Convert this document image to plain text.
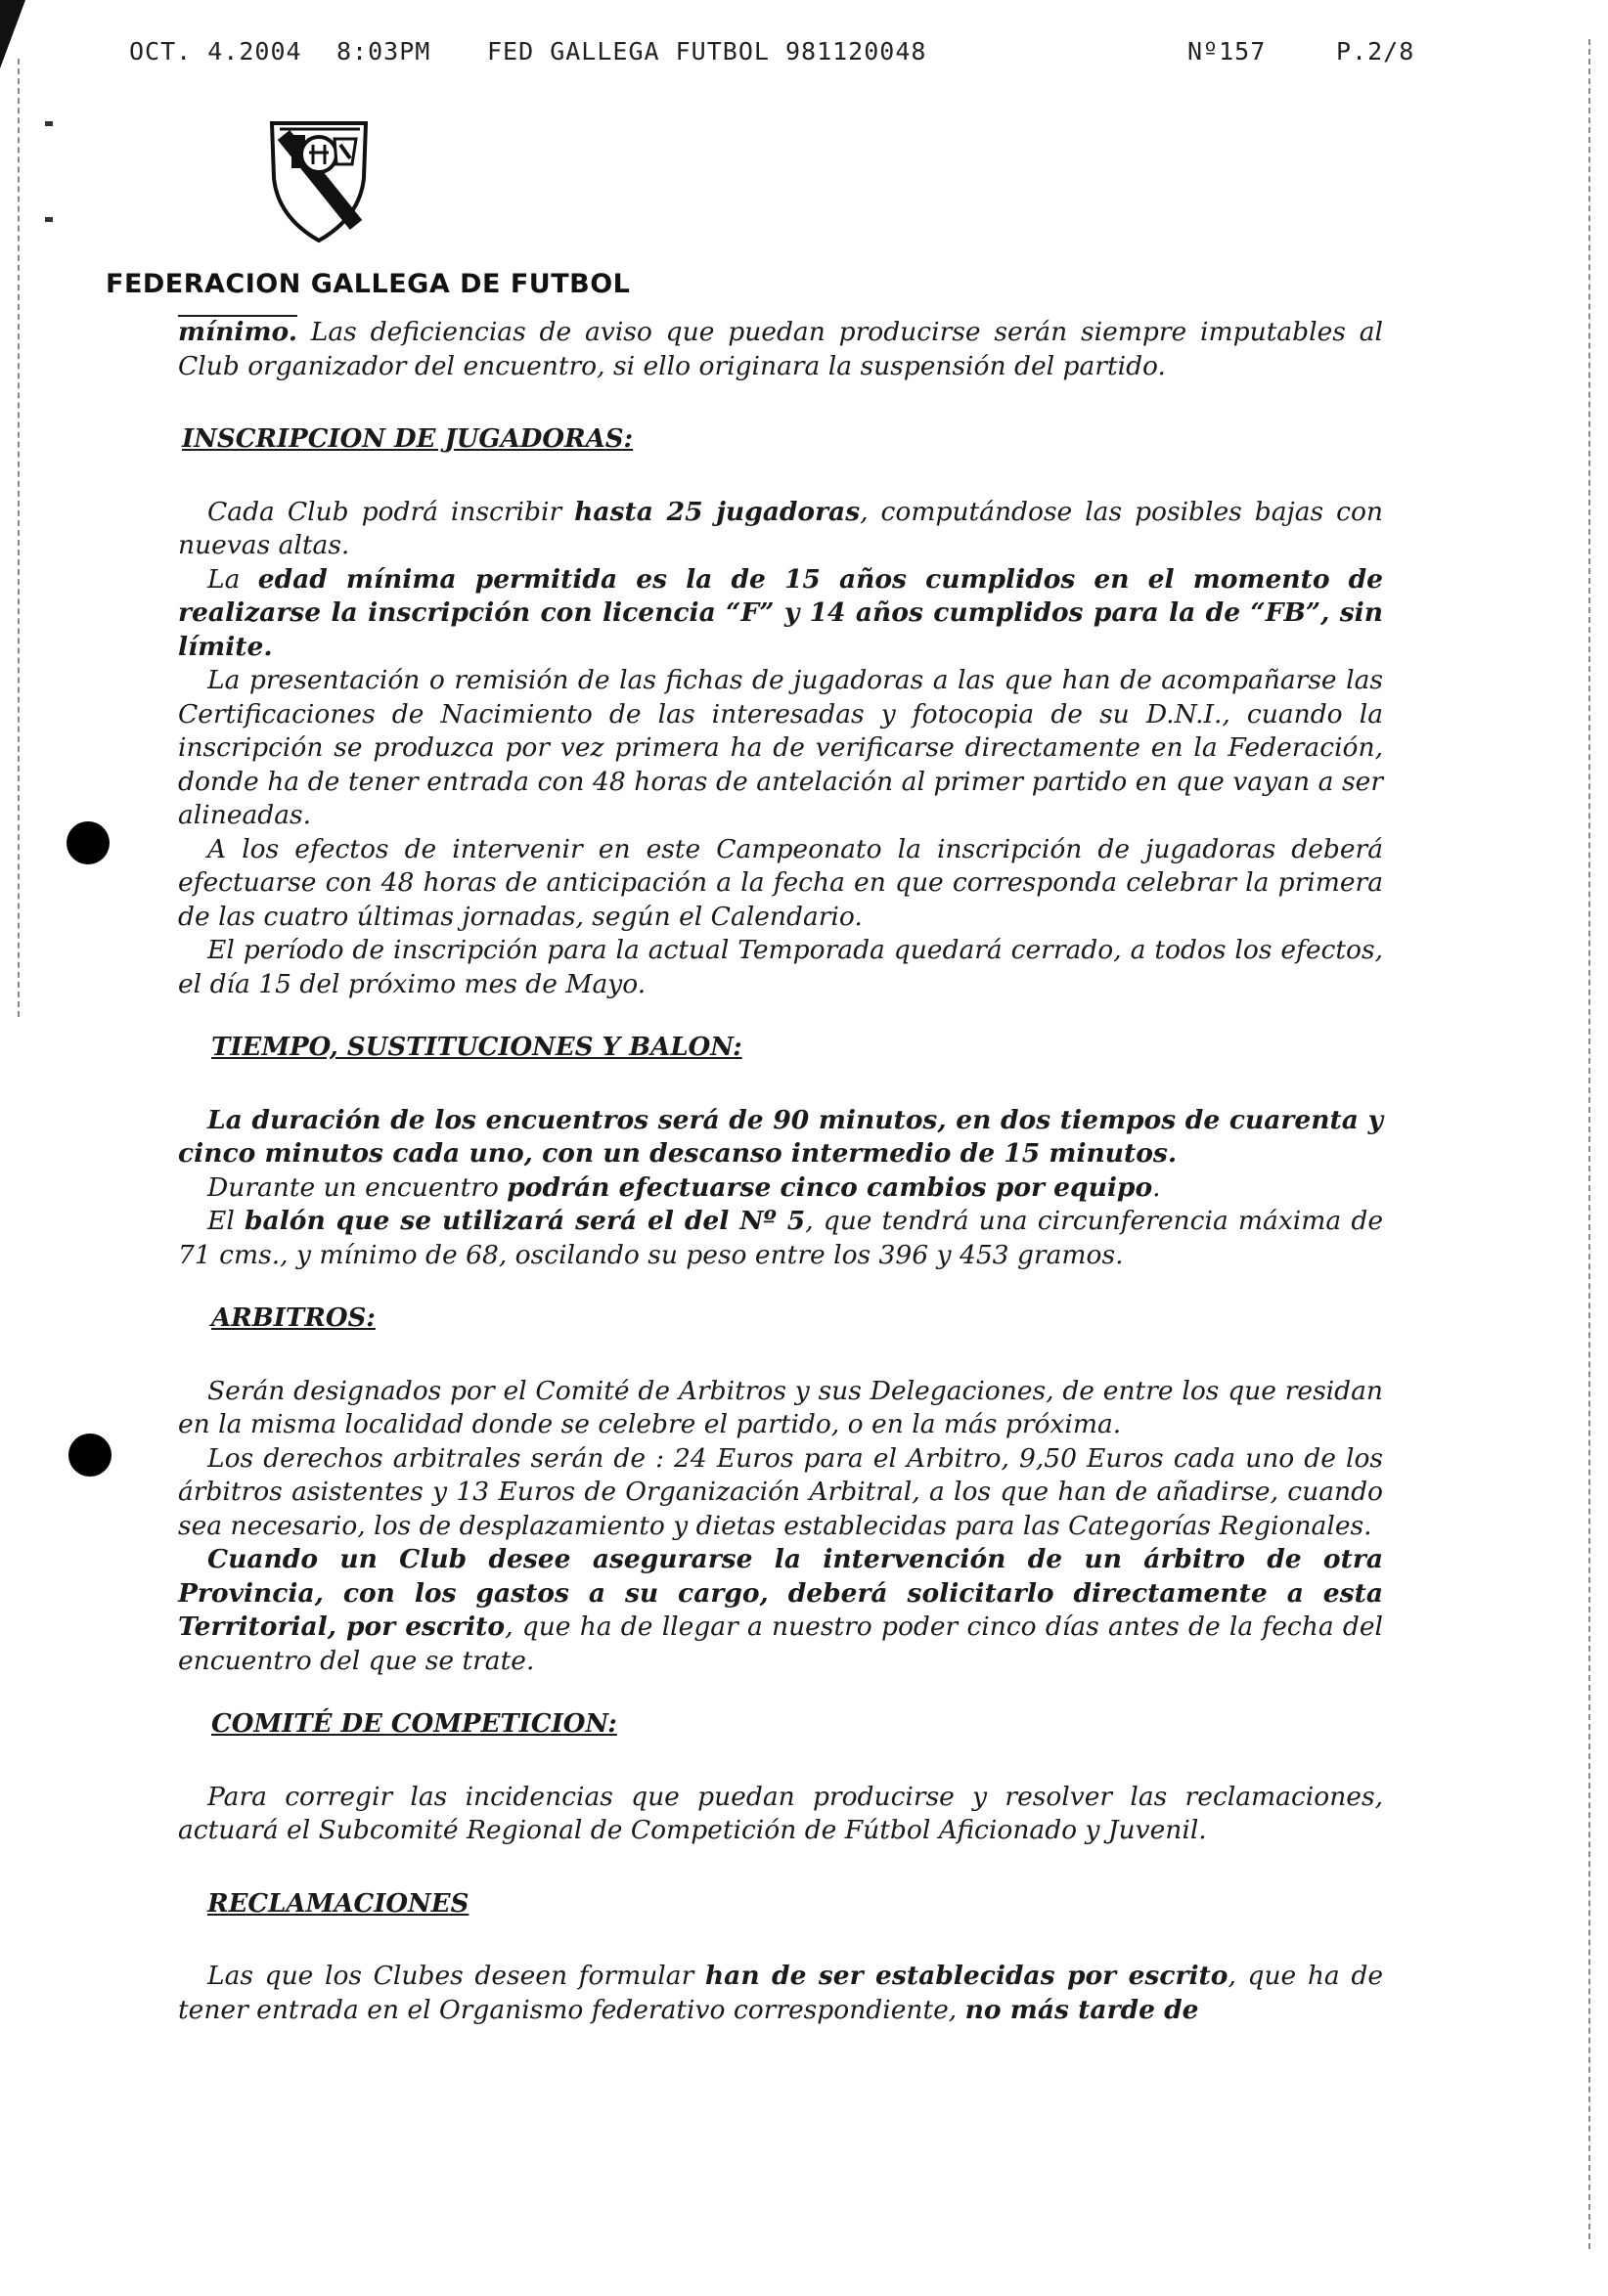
OCT. 4.2004 8:03PM FED GALLEGA FUTBOL 981120048	Nº157	P.2/8
FEDERACION GALLEGA DE FUTBOL

mínimo. Las deficiencias de aviso que puedan producirse serán siempre imputables al Club organizador del encuentro, si ello originara la suspensión del partido.

INSCRIPCION DE JUGADORAS:

Cada Club podrá inscribir hasta 25 jugadoras, computándose las posibles bajas con nuevas altas.

La edad mínima permitida es la de 15 años cumplidos en el momento de realizarse la inscripción con licencia “F” y 14 años cumplidos para la de “FB”, sin límite.

La presentación o remisión de las fichas de jugadoras a las que han de acompañarse las Certificaciones de Nacimiento de las interesadas y fotocopia de su D.N.I., cuando la inscripción se produzca por vez primera ha de verificarse directamente en la Federación, donde ha de tener entrada con 48 horas de antelación al primer partido en que vayan a ser alineadas.

A los efectos de intervenir en este Campeonato la inscripción de jugadoras deberá efectuarse con 48 horas de anticipación a la fecha en que corresponda celebrar la primera de las cuatro últimas jornadas, según el Calendario.

El período de inscripción para la actual Temporada quedará cerrado, a todos los efectos, el día 15 del próximo mes de Mayo.

TIEMPO, SUSTITUCIONES Y BALON:

La duración de los encuentros será de 90 minutos, en dos tiempos de cuarenta y cinco minutos cada uno, con un descanso intermedio de 15 minutos.

Durante un encuentro podrán efectuarse cinco cambios por equipo.

El balón que se utilizará será el del Nº 5, que tendrá una circunferencia máxima de 71 cms., y mínimo de 68, oscilando su peso entre los 396 y 453 gramos.

ARBITROS:

Serán designados por el Comité de Arbitros y sus Delegaciones, de entre los que residan en la misma localidad donde se celebre el partido, o en la más próxima.

Los derechos arbitrales serán de : 24 Euros para el Arbitro, 9,50 Euros cada uno de los árbitros asistentes y 13 Euros de Organización Arbitral, a los que han de añadirse, cuando sea necesario, los de desplazamiento y dietas establecidas para las Categorías Regionales.

Cuando un Club desee asegurarse la intervención de un árbitro de otra Provincia, con los gastos a su cargo, deberá solicitarlo directamente a esta Territorial, por escrito, que ha de llegar a nuestro poder cinco días antes de la fecha del encuentro del que se trate.

COMITÉ DE COMPETICION:

Para corregir las incidencias que puedan producirse y resolver las reclamaciones, actuará el Subcomité Regional de Competición de Fútbol Aficionado y Juvenil.

RECLAMACIONES

Las que los Clubes deseen formular han de ser establecidas por escrito, que ha de tener entrada en el Organismo federativo correspondiente, no más tarde de
